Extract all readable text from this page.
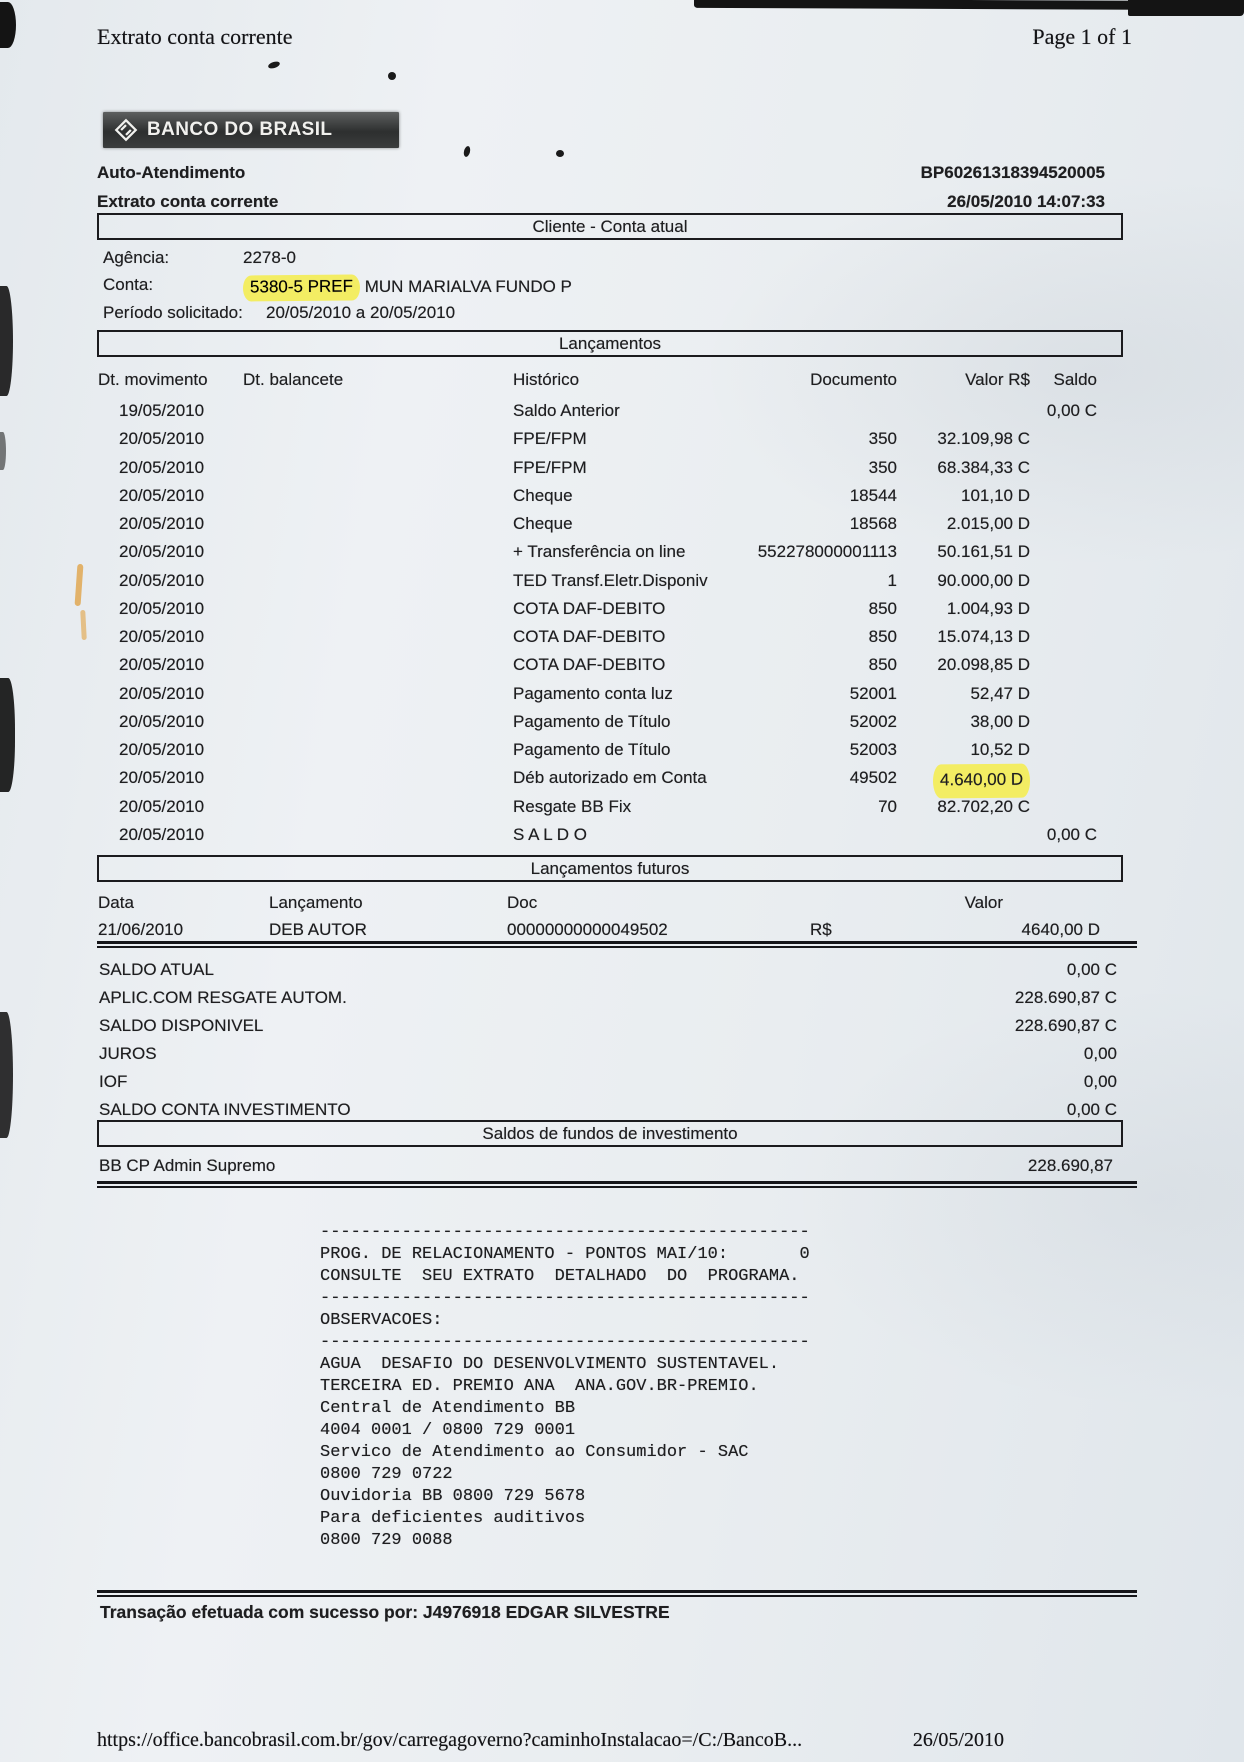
Extrato conta corrente	Page 1 of 1
BANCO DO BRASIL
Auto-Atendimento	BP60261318394520005
Extrato conta corrente	26/05/2010 14:07:33
Cliente - Conta atual
Agência:	2278-0
Conta:	5380-5 PREF MUN MARIALVA FUNDO P
Período solicitado: 20/05/2010 a 20/05/2010
Lançamentos
Dt. movimento Dt. balancete	Histórico	Documento	Valor R$ Saldo
19/05/2010	Saldo Anterior	0,00 C
20/05/2010	FPE/FPM	350 32.109,98 C
20/05/2010	FPE/FPM	350 68.384,33 C
20/05/2010	Cheque	18544	101,10 D
20/05/2010	Cheque	18568	2.015,00 D
20/05/2010	+ Transferência on line	552278000001113 50.161,51 D
20/05/2010	TED Transf.Eletr.Disponiv	1 90.000,00 D
20/05/2010	COTA DAF-DEBITO	850	1.004,93 D
20/05/2010	COTA DAF-DEBITO	850 15.074,13 D
20/05/2010	COTA DAF-DEBITO	850 20.098,85 D
20/05/2010	Pagamento conta luz	52001	52,47 D
20/05/2010	Pagamento de Título	52002	38,00 D
20/05/2010	Pagamento de Título	52003	10,52 D
20/05/2010	Déb autorizado em Conta	49502	4.640,00 D
20/05/2010	Resgate BB Fix	70 82.702,20 C
20/05/2010	S A L D O	0,00 C
Lançamentos futuros
Data	Lançamento	Doc	Valor
21/06/2010	DEB AUTOR	00000000000049502	R$	4640,00 D
SALDO ATUAL	0,00 C
APLIC.COM RESGATE AUTOM.	228.690,87 C
SALDO DISPONIVEL	228.690,87 C
JUROS	0,00
IOF	0,00
SALDO CONTA INVESTIMENTO	0,00 C
Saldos de fundos de investimento
BB CP Admin Supremo	228.690,87
------------------------------------------------
PROG. DE RELACIONAMENTO - PONTOS MAI/10:       0
CONSULTE  SEU EXTRATO  DETALHADO  DO  PROGRAMA.
------------------------------------------------
OBSERVACOES:
------------------------------------------------
AGUA  DESAFIO DO DESENVOLVIMENTO SUSTENTAVEL.
TERCEIRA ED. PREMIO ANA  ANA.GOV.BR-PREMIO.
Central de Atendimento BB
4004 0001 / 0800 729 0001
Servico de Atendimento ao Consumidor - SAC
0800 729 0722
Ouvidoria BB 0800 729 5678
Para deficientes auditivos
0800 729 0088
Transação efetuada com sucesso por: J4976918 EDGAR SILVESTRE
https://office.bancobrasil.com.br/gov/carregagoverno?caminhoInstalacao=/C:/BancoB...	26/05/2010
